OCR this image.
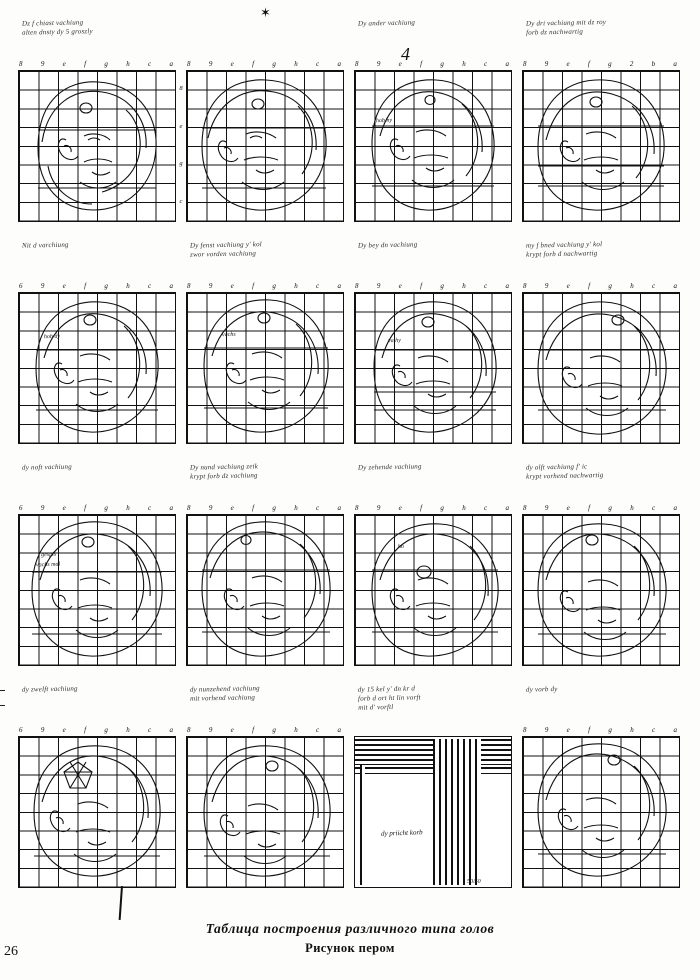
✶
4
Dz f chiast vachiung
alten dnsty dy 5 groszly
8	9	e	f	g	h	c	a
8
e
g
c
8	9	e	f	g	h	c	a
Dy ander vachiung
8	9	e	f	g	h	c	a
hob hy
Dy dri vachiung mit dz roy
forb dz nachwartig
8	9	e	f	g	2	b	a
Nit d varchiung
6	9	e	f	g	h	c	a
hob dy
Dy fenst vachiung y' kol
zwor vorden vachiung
8	9	e	f	g	h	c	a
vachs
Dy bey dn vachiung
8	9	e	f	g	h	c	a
va hy
my f bned vachiung y' kol
krypt forb d nachwartig
8	9	e	f	g	h	c	a
dy noft vachiung
6	9	e	f	g	h	c	a
t gespis
vachs mal
Dy nund vachiung zeik
krypt forb dz vachiung
8	9	e	f	g	h	c	a
Dy zehende vachiung
8	9	e	f	g	h	c	a
ho
dy olft vachiung f' ic
krypt vorhend nachwartig
8	9	e	f	g	h	c	a
dy zwelft vachiung
6	9	e	f	g	h	c	a
dy nunzehend vachiung
mit vorhend vachiung
8	9	e	f	g	h	c	a
dy 15 kel y' dn kr d
forb d ort ht lin vorft
mit d' vorftl
dy priicht korb
50/50
dy vorb dy
8	9	e	f	g	h	c	a
Таблица построения различного типа голов
Рисунок пером
26
